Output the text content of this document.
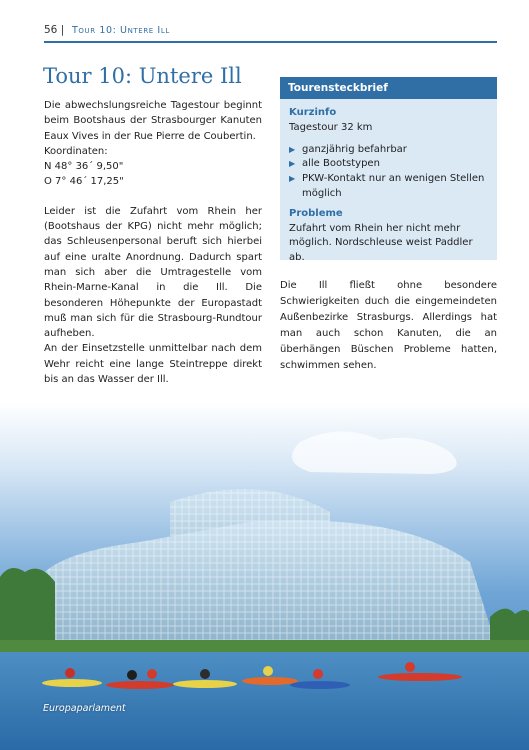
56 | Tour 10: Untere Ill
Tour 10: Untere Ill

Die abwechslungsreiche Tagestour beginnt beim Bootshaus der Strasbourger Kanuten Eaux Vives in der Rue Pierre de Coubertin.

Koordinaten:
N 48° 36´ 9,50"
O 7° 46´ 17,25"

Leider ist die Zufahrt vom Rhein her (Bootshaus der KPG) nicht mehr möglich; das Schleusenpersonal beruft sich hierbei auf eine uralte Anordnung. Dadurch spart man sich aber die Umtragestelle vom Rhein-Marne-Kanal in die Ill. Die besonderen Höhepunkte der Europastadt muß man sich für die Strasbourg-Rundtour aufheben.

An der Einsetzstelle unmittelbar nach dem Wehr reicht eine lange Steintreppe direkt bis an das Wasser der Ill.

Tourensteckbrief
Kurzinfo

Tagestour 32 km

▶ ganzjährig befahrbar
▶ alle Bootstypen
▶ PKW-Kontakt nur an wenigen Stellen möglich
Probleme

Zufahrt vom Rhein her nicht mehr möglich. Nordschleuse weist Paddler ab.

Die Ill fließt ohne besondere Schwierigkeiten duch die eingemeindeten Außenbezirke Strasburgs. Allerdings hat man auch schon Kanuten, die an überhängen Büschen Probleme hatten, schwimmen sehen.

Europaparlament
